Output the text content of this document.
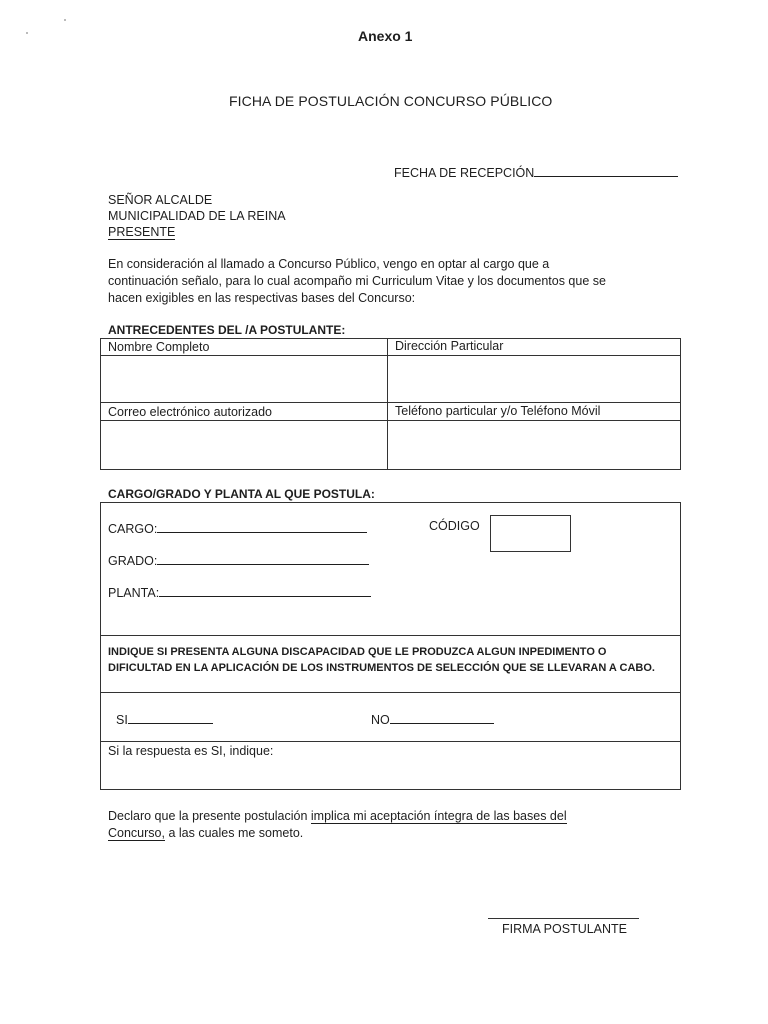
Anexo 1
FICHA DE POSTULACIÓN CONCURSO PÚBLICO
FECHA DE RECEPCIÓN
SEÑOR ALCALDE
MUNICIPALIDAD DE LA REINA
PRESENTE
En consideración al llamado a Concurso Público, vengo en optar al cargo que a
continuación señalo, para lo cual acompaño mi Curriculum Vitae y los documentos que se
hacen exigibles en las respectivas bases del Concurso:
ANTRECEDENTES DEL /A POSTULANTE:
Nombre Completo	Dirección Particular
Correo electrónico autorizado	Teléfono particular y/o Teléfono Móvil
CARGO/GRADO Y PLANTA AL QUE POSTULA:
CARGO:	CÓDIGO
GRADO:
PLANTA:
INDIQUE SI PRESENTA ALGUNA DISCAPACIDAD QUE LE PRODUZCA ALGUN INPEDIMENTO O
DIFICULTAD EN LA APLICACIÓN DE LOS INSTRUMENTOS DE SELECCIÓN QUE SE LLEVARAN A CABO.
SI	NO
Si la respuesta es SI, indique:
Declaro que la presente postulación implica mi aceptación íntegra de las bases del
Concurso, a las cuales me someto.
FIRMA POSTULANTE
